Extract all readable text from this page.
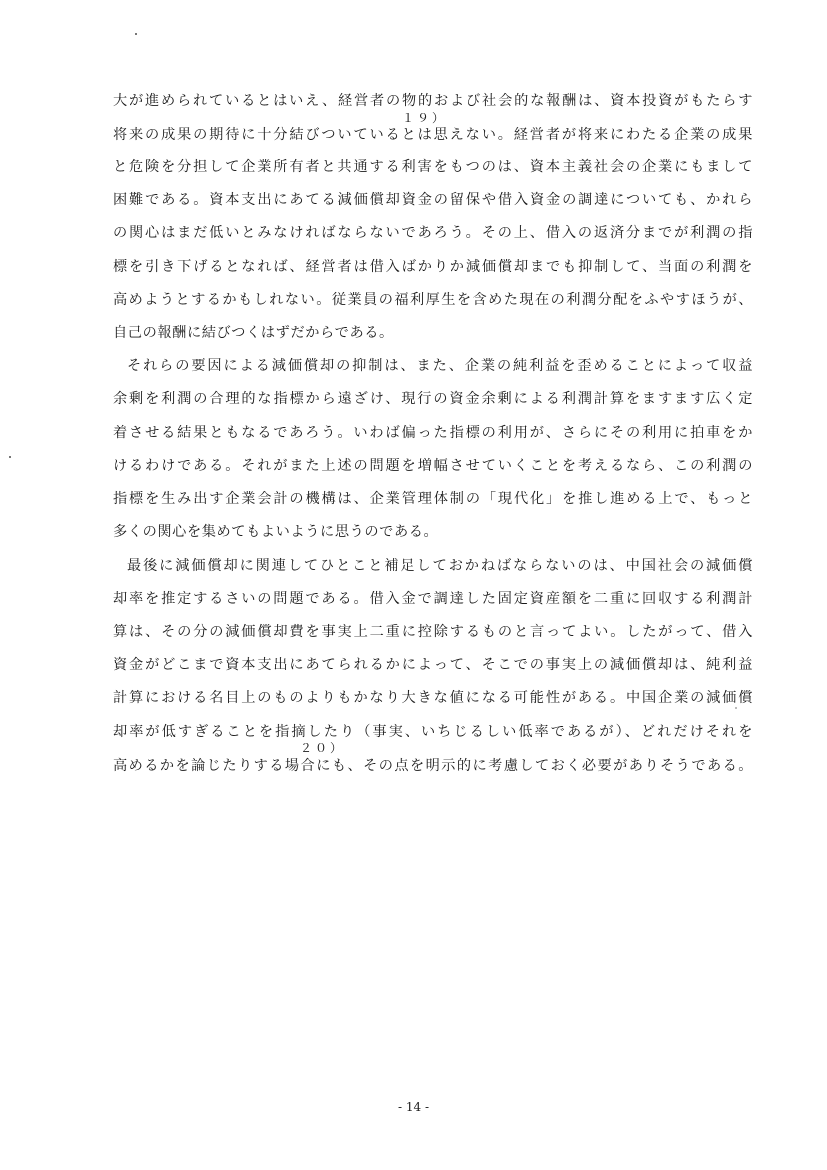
大が進められているとはいえ、経営者の物的および社会的な報酬は、資本投資がもたらす
１９）
将来の成果の期待に十分結びついているとは思えない。経営者が将来にわたる企業の成果
と危険を分担して企業所有者と共通する利害をもつのは、資本主義社会の企業にもまして
困難である。資本支出にあてる減価償却資金の留保や借入資金の調達についても、かれら
の関心はまだ低いとみなければならないであろう。その上、借入の返済分までが利潤の指
標を引き下げるとなれば、経営者は借入ばかりか減価償却までも抑制して、当面の利潤を
高めようとするかもしれない。従業員の福利厚生を含めた現在の利潤分配をふやすほうが、
自己の報酬に結びつくはずだからである。
それらの要因による減価償却の抑制は、また、企業の純利益を歪めることによって収益
余剰を利潤の合理的な指標から遠ざけ、現行の資金余剰による利潤計算をますます広く定
着させる結果ともなるであろう。いわば偏った指標の利用が、さらにその利用に拍車をか
けるわけである。それがまた上述の問題を増幅させていくことを考えるなら、この利潤の
指標を生み出す企業会計の機構は、企業管理体制の「現代化」を推し進める上で、もっと
多くの関心を集めてもよいように思うのである。
最後に減価償却に関連してひとこと補足しておかねばならないのは、中国社会の減価償
却率を推定するさいの問題である。借入金で調達した固定資産額を二重に回収する利潤計
算は、その分の減価償却費を事実上二重に控除するものと言ってよい。したがって、借入
資金がどこまで資本支出にあてられるかによって、そこでの事実上の減価償却は、純利益
計算における名目上のものよりもかなり大きな値になる可能性がある。中国企業の減価償
却率が低すぎることを指摘したり（事実、いちじるしい低率であるが）、どれだけそれを
２０）
高めるかを論じたりする場合にも、その点を明示的に考慮しておく必要がありそうである。
- 14 -
